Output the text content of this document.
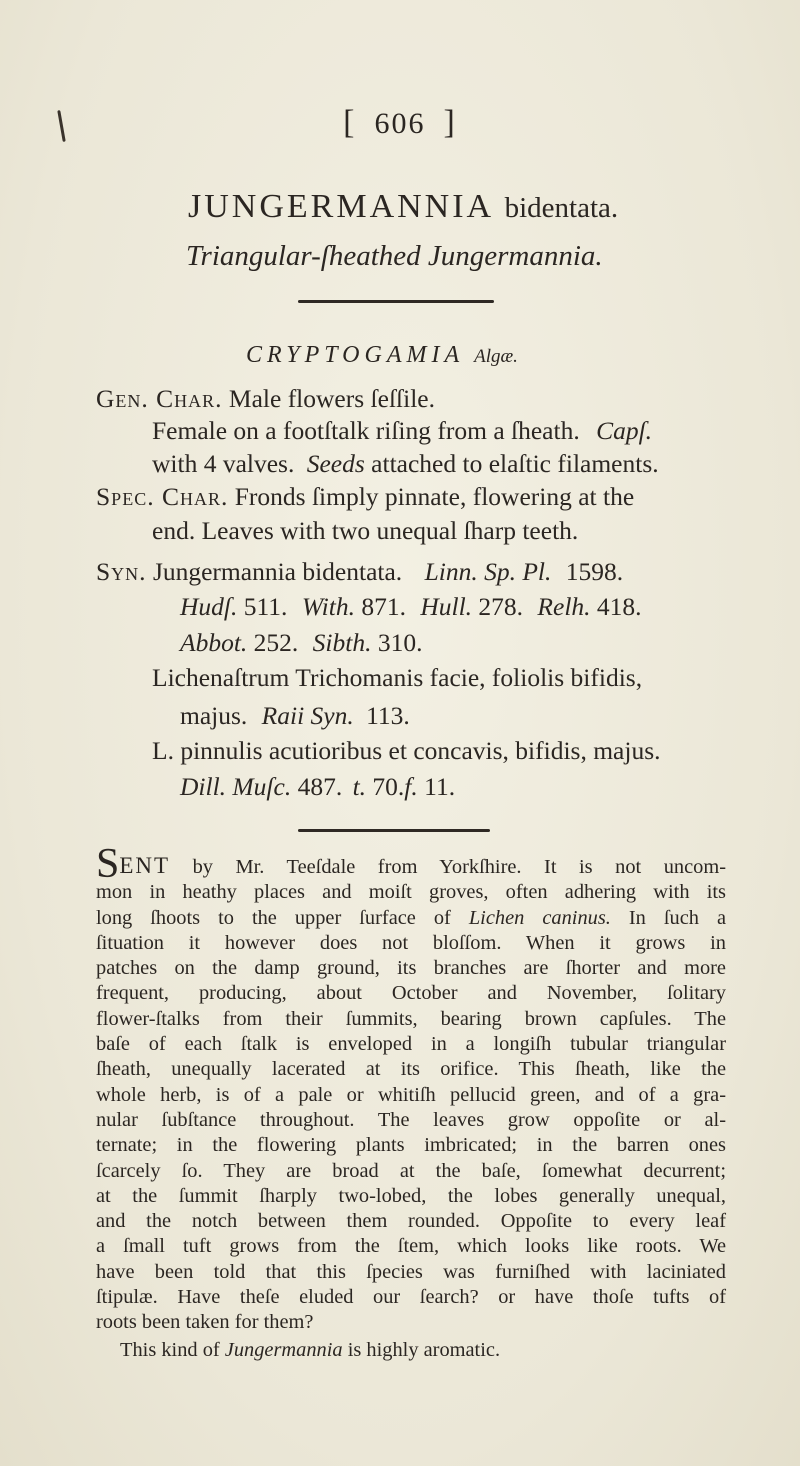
[ 606 ]
JUNGERMANNIA bidentata.
Triangular-ſheathed Jungermannia.
CRYPTOGAMIA Algæ.
Gen. Char. Male flowers ſeſſile.
Female on a footſtalk riſing from a ſheath. Capſ.
with 4 valves. Seeds attached to elaſtic filaments.
Spec. Char. Fronds ſimply pinnate, flowering at the
end. Leaves with two unequal ſharp teeth.
Syn. Jungermannia bidentata. Linn. Sp. Pl. 1598.
Hudſ. 511. With. 871. Hull. 278. Relh. 418.
Abbot. 252. Sibth. 310.
Lichenaſtrum Trichomanis facie, foliolis bifidis,
majus. Raii Syn. 113.
L. pinnulis acutioribus et concavis, bifidis, majus.
Dill. Muſc. 487. t. 70.f. 11.
SENT by Mr. Teeſdale from Yorkſhire. It is not uncom-
mon in heathy places and moiſt groves, often adhering with its
long ſhoots to the upper ſurface of Lichen caninus. In ſuch a
ſituation it however does not bloſſom. When it grows in
patches on the damp ground, its branches are ſhorter and more
frequent, producing, about October and November, ſolitary
flower-ſtalks from their ſummits, bearing brown capſules. The
baſe of each ſtalk is enveloped in a longiſh tubular triangular
ſheath, unequally lacerated at its orifice. This ſheath, like the
whole herb, is of a pale or whitiſh pellucid green, and of a gra-
nular ſubſtance throughout. The leaves grow oppoſite or al-
ternate; in the flowering plants imbricated; in the barren ones
ſcarcely ſo. They are broad at the baſe, ſomewhat decurrent;
at the ſummit ſharply two-lobed, the lobes generally unequal,
and the notch between them rounded. Oppoſite to every leaf
a ſmall tuft grows from the ſtem, which looks like roots. We
have been told that this ſpecies was furniſhed with laciniated
ſtipulæ. Have theſe eluded our ſearch? or have thoſe tufts of
roots been taken for them?
This kind of Jungermannia is highly aromatic.
